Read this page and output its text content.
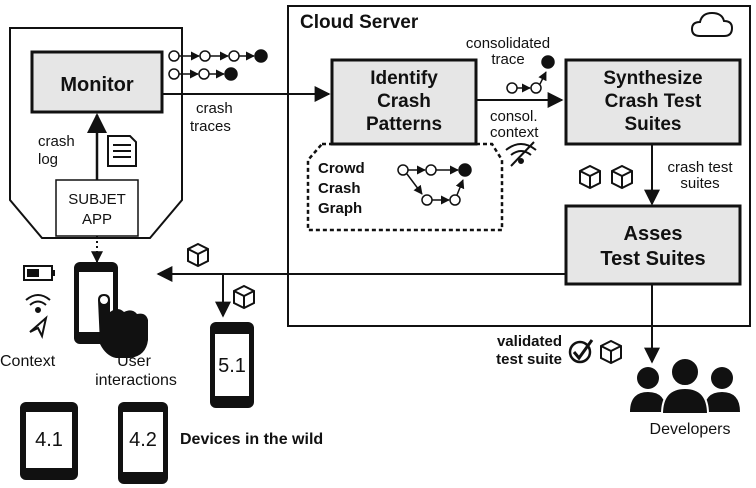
Cloud Server
Monitor
SUBJET
APP
crash
log
crash
traces
Identify
Crash
Patterns
Crowd
Crash
Graph
consolidated
trace
consol.
context
Synthesize
Crash Test
Suites
crash test
suites
Asses
Test Suites
validated
test suite
Developers
Context	User
interactions
5.1
4.1	4.2 Devices in the wild
